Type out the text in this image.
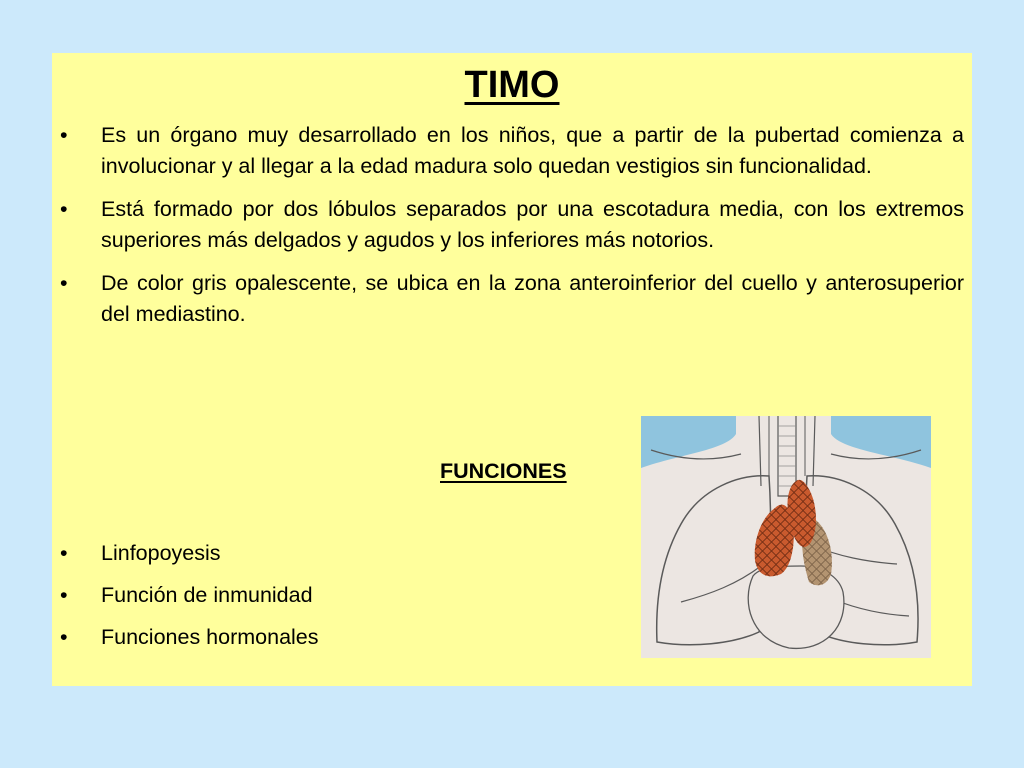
TIMO
• Es un órgano muy desarrollado en los niños, que a partir de la pubertad comienza a involucionar y al llegar a la edad madura solo quedan vestigios sin funcionalidad.
• Está formado por dos lóbulos separados por una escotadura media, con los extremos superiores más delgados y agudos y los inferiores más notorios.
• De color gris opalescente, se ubica en la zona anteroinferior del cuello y anterosuperior del mediastino.
FUNCIONES
• Linfopoyesis
• Función de inmunidad
• Funciones hormonales
